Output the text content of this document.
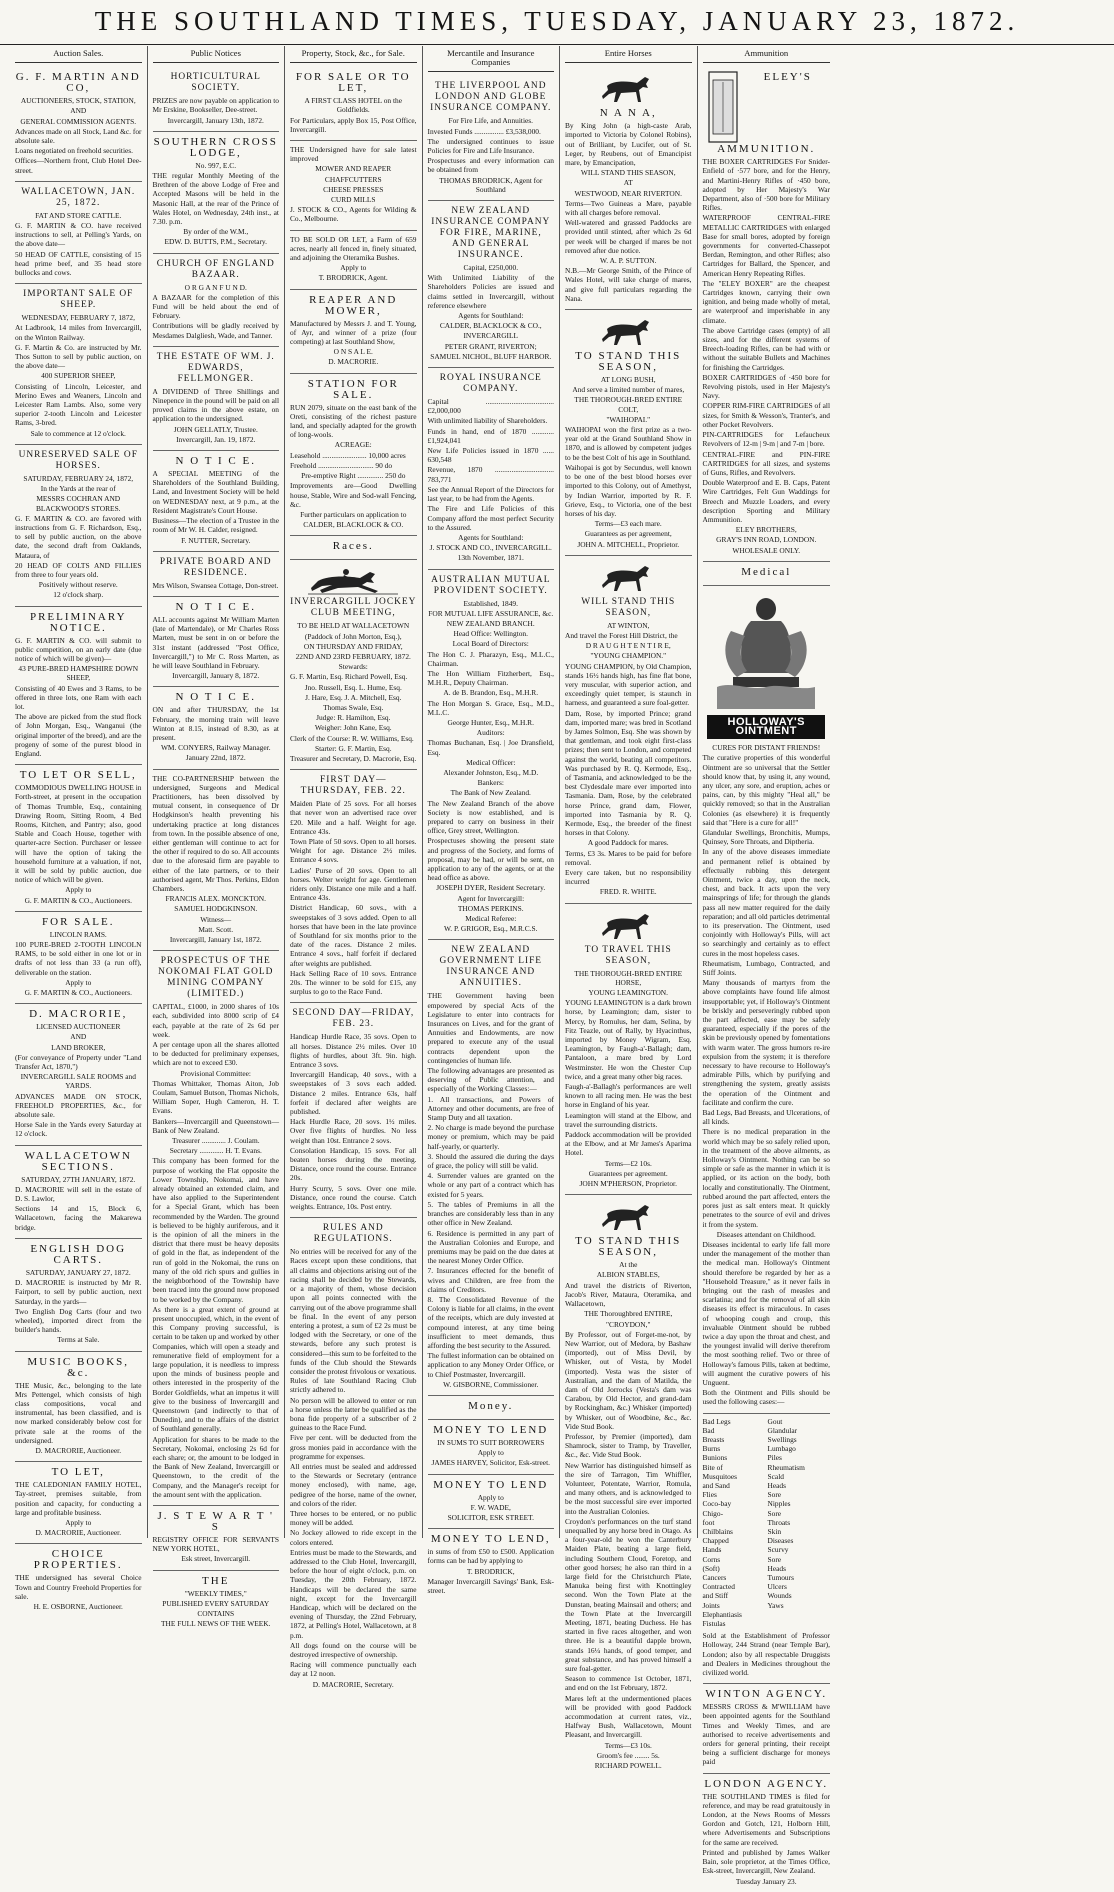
THE SOUTHLAND TIMES, TUESDAY, JANUARY 23, 1872.
Auction Sales.
G. F. MARTIN AND CO,
AUCTIONEERS, STOCK, STATION,
AND
GENERAL COMMISSION AGENTS.
Advances made on all Stock, Land &c. for absolute sale.
Loans negotiated on freehold securities.
Offices—Northern front, Club Hotel Dee-street.
WALLACETOWN, JAN. 25, 1872.
FAT AND STORE CATTLE.
G. F. MARTIN & CO. have received instructions to sell, at Pelling's Yards, on the above date—
50 HEAD OF CATTLE, consisting of 15 head prime beef, and 35 head store bullocks and cows.
IMPORTANT SALE OF SHEEP.
WEDNESDAY, FEBRUARY 7, 1872,
At Ladbrook, 14 miles from Invercargill, on the Winton Railway.
G. F. Martin & Co. are instructed by Mr. Thos Sutton to sell by public auction, on the above date—
400 SUPERIOR SHEEP,
Consisting of Lincoln, Leicester, and Merino Ewes and Weaners, Lincoln and Leicester Ram Lambs. Also, some very superior 2-tooth Lincoln and Leicester Rams, 3-bred.
Sale to commence at 12 o'clock.
UNRESERVED SALE OF HORSES.
SATURDAY, FEBRUARY 24, 1872,
In the Yards at the rear of
MESSRS COCHRAN AND BLACKWOOD'S STORES.
G. F. MARTIN & CO. are favored with instructions from G. F. Richardson, Esq., to sell by public auction, on the above date, the second draft from Oaklands, Mataura, of
20 HEAD OF COLTS AND FILLIES from three to four years old.
Positively without reserve.
12 o'clock sharp.
PRELIMINARY NOTICE.
G. F. MARTIN & CO. will submit to public competition, on an early date (due notice of which will be given)—
43 PURE-BRED HAMPSHIRE DOWN SHEEP,
Consisting of 40 Ewes and 3 Rams, to be offered in three lots, one Ram with each lot.
The above are picked from the stud flock of John Morgan, Esq., Wanganui (the original importer of the breed), and are the progeny of some of the purest blood in England.
TO LET OR SELL,
COMMODIOUS DWELLING HOUSE in Forth-street, at present in the occupation of Thomas Trumble, Esq., containing Drawing Room, Sitting Room, 4 Bed Rooms, Kitchen, and Pantry; also, good Stable and Coach House, together with quarter-acre Section. Purchaser or lessee will have the option of taking the household furniture at a valuation, if not, it will be sold by public auction, due notice of which will be given.
Apply to
G. F. MARTIN & CO., Auctioneers.
FOR SALE.
LINCOLN RAMS.
100 PURE-BRED 2-TOOTH LINCOLN RAMS, to be sold either in one lot or in drafts of not less than 33 (a run off), deliverable on the station.
Apply to
G. F. MARTIN & CO., Auctioneers.
D. MACRORIE,
LICENSED AUCTIONEER
AND
LAND BROKER,
(For conveyance of Property under "Land Transfer Act, 1870,")
INVERCARGILL SALE ROOMS and YARDS.
ADVANCES MADE ON STOCK, FREEHOLD PROPERTIES, &c., for absolute sale.
Horse Sale in the Yards every Saturday at 12 o'clock.
WALLACETOWN SECTIONS.
SATURDAY, 27TH JANUARY, 1872.
D. MACRORIE will sell in the estate of D. S. Lawlor,
Sections 14 and 15, Block 6, Wallacetown, facing the Makarewa bridge.
ENGLISH DOG CARTS.
SATURDAY, JANUARY 27, 1872.
D. MACRORIE is instructed by Mr R. Fairport, to sell by public auction, next Saturday, in the yards—
Two English Dog Carts (four and two wheeled), imported direct from the builder's hands.
Terms at Sale.
MUSIC BOOKS, &c.
THE Music, &c., belonging to the late Mrs Pettengel, which consists of high class compositions, vocal and instrumental, has been classified, and is now marked considerably below cost for private sale at the rooms of the undersigned.
D. MACRORIE, Auctioneer.
TO LET,
THE CALEDONIAN FAMILY HOTEL, Tay-street, premises suitable, from position and capacity, for conducting a large and profitable business.
Apply to
D. MACRORIE, Auctioneer.
CHOICE PROPERTIES.
THE undersigned has several Choice Town and Country Freehold Properties for sale.
H. E. OSBORNE, Auctioneer.
Public Notices
HORTICULTURAL SOCIETY.
PRIZES are now payable on application to Mr Erskine, Bookseller, Dee-street.
Invercargill, January 13th, 1872.
SOUTHERN CROSS LODGE,
No. 997, E.C.
THE regular Monthly Meeting of the Brethren of the above Lodge of Free and Accepted Masons will be held in the Masonic Hall, at the rear of the Prince of Wales Hotel, on Wednesday, 24th inst., at 7.30. p.m.
By order of the W.M.,
EDW. D. BUTTS, P.M., Secretary.
CHURCH OF ENGLAND BAZAAR.
O R G A N F U N D.
A BAZAAR for the completion of this Fund will be held about the end of February.
Contributions will be gladly received by Mesdames Dalgliesh, Wade, and Tanner.
THE ESTATE OF WM. J. EDWARDS, FELLMONGER.
A DIVIDEND of Three Shillings and Ninepence in the pound will be paid on all proved claims in the above estate, on application to the undersigned.
JOHN GELLATLY, Trustee.
Invercargill, Jan. 19, 1872.
N O T I C E.
A SPECIAL MEETING of the Shareholders of the Southland Building, Land, and Investment Society will be held on WEDNESDAY next, at 9 p.m., at the Resident Magistrate's Court House.
Business—The election of a Trustee in the room of Mr W. H. Calder, resigned.
F. NUTTER, Secretary.
PRIVATE BOARD AND RESIDENCE.
Mrs Wilson, Swansea Cottage, Don-street.
N O T I C E.
ALL accounts against Mr William Marten (late of Martendale), or Mr Charles Ross Marten, must be sent in on or before the 31st instant (addressed "Post Office, Invercargill,") to Mr C. Ross Marten, as he will leave Southland in February.
Invercargill, January 8, 1872.
N O T I C E.
ON and after THURSDAY, the 1st February, the morning train will leave Winton at 8.15, instead of 8.30, as at present.
WM. CONYERS, Railway Manager.
January 22nd, 1872.
THE CO-PARTNERSHIP between the undersigned, Surgeons and Medical Practitioners, has been dissolved by mutual consent, in consequence of Dr Hodgkinson's health preventing his undertaking practice at long distances from town. In the possible absence of one, either gentleman will continue to act for the other if required to do so. All accounts due to the aforesaid firm are payable to either of the late partners, or to their authorised agent, Mr Thos. Perkins, Eldon Chambers.
FRANCIS ALEX. MONCKTON.
SAMUEL HODGKINSON.
Witness—
Matt. Scott.
Invercargill, January 1st, 1872.
PROSPECTUS OF THE NOKOMAI FLAT GOLD MINING COMPANY (LIMITED.)
CAPITAL, £1000, in 2000 shares of 10s each, subdivided into 8000 scrip of £4 each, payable at the rate of 2s 6d per week.
A per centage upon all the shares allotted to be deducted for preliminary expenses, which are not to exceed £30.
Provisional Committee:
Thomas Whittaker, Thomas Aiton, Job Coulam, Samuel Butson, Thomas Nichols, William Soper, Hugh Cameron, H. T. Evans.
Bankers—Invercargill and Queenstown—Bank of New Zealand.
Treasurer ............. J. Coulam.
Secretary ............. H. T. Evans.
This company has been formed for the purpose of working the Flat opposite the Lower Township, Nokomai, and have already obtained an extended claim, and have also applied to the Superintendent for a Special Grant, which has been recommended by the Warden. The ground is believed to be highly auriferous, and it is the opinion of all the miners in the district that there must be heavy deposits of gold in the flat, as independent of the run of gold in the Nokomai, the runs on many of the old rich spurs and gullies in the neighborhood of the Township have been traced into the ground now proposed to be worked by the Company.
As there is a great extent of ground at present unoccupied, which, in the event of this Company proving successful, is certain to be taken up and worked by other Companies, which will open a steady and remunerative field of employment for a large population, it is needless to impress upon the minds of business people and others interested in the prosperity of the Border Goldfields, what an impetus it will give to the business of Invercargill and Queenstown (and indirectly to that of Dunedin), and to the affairs of the district of Southland generally.
Application for shares to be made to the Secretary, Nokomai, enclosing 2s 6d for each share; or, the amount to be lodged in the Bank of New Zealand, Invercargill or Queenstown, to the credit of the Company, and the Manager's receipt for the amount sent with the application.
J. S T E W A R T ' S
REGISTRY OFFICE FOR SERVANTS NEW YORK HOTEL,
Esk street, Invercargill.
THE
"WEEKLY TIMES,"
PUBLISHED EVERY SATURDAY
CONTAINS
THE FULL NEWS OF THE WEEK.
Property, Stock, &c., for Sale.
FOR SALE OR TO LET,
A FIRST CLASS HOTEL on the Goldfields.
For Particulars, apply Box 15, Post Office, Invercargill.
THE Undersigned have for sale latest improved
MOWER AND REAPER
CHAFFCUTTERS
CHEESE PRESSES
CURD MILLS
J. STOCK & CO., Agents for Wilding & Co., Melbourne.
TO BE SOLD OR LET, a Farm of 659 acres, nearly all fenced in, finely situated, and adjoining the Oteramika Bushes.
Apply to
T. BRODRICK, Agent.
REAPER AND MOWER,
Manufactured by Messrs J. and T. Young, of Ayr, and winner of a prize (four competing) at last Southland Show,
O N S A L E.
D. MACRORIE.
STATION FOR SALE.
RUN 2079, situate on the east bank of the Oreti, consisting of the richest pasture land, and specially adapted for the growth of long-wools.
ACREAGE:
Leasehold ........................ 10,000 acres
Freehold .............................. 90 do
Pre-emptive Right .............. 250 do
Improvements are—Good Dwelling house, Stable, Wire and Sod-wall Fencing, &c.
Further particulars on application to
CALDER, BLACKLOCK & CO.
Races.
INVERCARGILL JOCKEY CLUB MEETING,
TO BE HELD AT WALLACETOWN
(Paddock of John Morton, Esq.),
ON THURSDAY AND FRIDAY,
22ND AND 23RD FEBRUARY, 1872.
Stewards:
G. F. Martin, Esq. Richard Powell, Esq.
Jno. Russell, Esq. L. Hume, Esq.
J. Hare, Esq. J. A. Mitchell, Esq.
Thomas Swale, Esq.
Judge: R. Hamilton, Esq.
Weigher: John Kane, Esq.
Clerk of the Course: R. W. Williams, Esq.
Starter: G. F. Martin, Esq.
Treasurer and Secretary, D. Macrorie, Esq.
FIRST DAY—THURSDAY, FEB. 22.
Maiden Plate of 25 sovs. For all horses that never won an advertised race over £20. Mile and a half. Weight for age. Entrance 43s.
Town Plate of 50 sovs. Open to all horses. Weight for age. Distance 2½ miles. Entrance 4 sovs.
Ladies' Purse of 20 sovs. Open to all horses. Welter weight for age. Gentlemen riders only. Distance one mile and a half. Entrance 43s.
District Handicap, 60 sovs., with a sweepstakes of 3 sovs added. Open to all horses that have been in the late province of Southland for six months prior to the date of the races. Distance 2 miles. Entrance 4 sovs., half forfeit if declared after weights are published.
Hack Selling Race of 10 sovs. Entrance 20s. The winner to be sold for £15, any surplus to go to the Race Fund.
SECOND DAY—FRIDAY, FEB. 23.
Handicap Hurdle Race, 35 sovs. Open to all horses. Distance 2½ miles. Over 10 flights of hurdles, about 3ft. 9in. high. Entrance 3 sovs.
Invercargill Handicap, 40 sovs., with a sweepstakes of 3 sovs each added. Distance 2 miles. Entrance 63s, half forfeit if declared after weights are published.
Hack Hurdle Race, 20 sovs. 1½ miles. Over five flights of hurdles. No less weight than 10st. Entrance 2 sovs.
Consolation Handicap, 15 sovs. For all beaten horses during the meeting. Distance, once round the course. Entrance 20s.
Hurry Scurry, 5 sovs. Over one mile. Distance, once round the course. Catch weights. Entrance, 10s. Post entry.
RULES AND REGULATIONS.
No entries will be received for any of the Races except upon these conditions, that all claims and objections arising out of the racing shall be decided by the Stewards, or a majority of them, whose decision upon all points connected with the carrying out of the above programme shall be final. In the event of any person entering a protest, a sum of £2 2s must be lodged with the Secretary, or one of the stewards, before any such protest is considered—this sum to be forfeited to the funds of the Club should the Stewards consider the protest frivolous or vexatious. Rules of late Southland Racing Club strictly adhered to.
No person will be allowed to enter or run a horse unless the latter be qualified as the bona fide property of a subscriber of 2 guineas to the Race Fund.
Five per cent. will be deducted from the gross monies paid in accordance with the programme for expenses.
All entries must be sealed and addressed to the Stewards or Secretary (entrance money enclosed), with name, age, pedigree of the horse, name of the owner, and colors of the rider.
Three horses to be entered, or no public money will be added.
No Jockey allowed to ride except in the colors entered.
Entries must be made to the Stewards, and addressed to the Club Hotel, Invercargill, before the hour of eight o'clock, p.m. on Tuesday, the 20th February, 1872. Handicaps will be declared the same night, except for the Invercargill Handicap, which will be declared on the evening of Thursday, the 22nd February, 1872, at Pelling's Hotel, Wallacetown, at 8 p.m.
All dogs found on the course will be destroyed irrespective of ownership.
Racing will commence punctually each day at 12 noon.
D. MACRORIE, Secretary.
Mercantile and Insurance Companies
THE LIVERPOOL AND LONDON AND GLOBE INSURANCE COMPANY.
For Fire Life, and Annuities.
Invested Funds ................ £3,538,000.
The undersigned continues to issue Policies for Fire and Life Insurance.
Prospectuses and every information can be obtained from
THOMAS BRODRICK, Agent for Southland
NEW ZEALAND INSURANCE COMPANY FOR FIRE, MARINE, AND GENERAL INSURANCE.
Capital, £250,000.
With Unlimited Liability of the Shareholders Policies are issued and claims settled in Invercargill, without reference elsewhere
Agents for Southland:
CALDER, BLACKLOCK & CO.,
INVERCARGILL
PETER GRANT, RIVERTON;
SAMUEL NICHOL, BLUFF HARBOR.
ROYAL INSURANCE COMPANY.
Capital ..................................... £2,000,000
With unlimited liability of Shareholders.
Funds in hand, end of 1870 ............ £1,924,041
New Life Policies issued in 1870 ...... 630,548
Revenue, 1870 ................................ 783,771
See the Annual Report of the Directors for last year, to be had from the Agents.
The Fire and Life Policies of this Company afford the most perfect Security to the Assured.
Agents for Southland:
J. STOCK AND CO., INVERCARGILL.
13th November, 1871.
AUSTRALIAN MUTUAL PROVIDENT SOCIETY.
Established, 1849.
FOR MUTUAL LIFE ASSURANCE, &c.
NEW ZEALAND BRANCH.
Head Office: Wellington.
Local Board of Directors:
The Hon C. J. Pharazyn, Esq., M.L.C., Chairman.
The Hon William Fitzherbert, Esq., M.H.R., Deputy Chairman.
A. de B. Brandon, Esq., M.H.R.
The Hon Morgan S. Grace, Esq., M.D., M.L.C.
George Hunter, Esq., M.H.R.
Auditors:
Thomas Buchanan, Esq. | Joe Dransfield, Esq.
Medical Officer:
Alexander Johnston, Esq., M.D.
Bankers:
The Bank of New Zealand.
The New Zealand Branch of the above Society is now established, and is prepared to carry on business in their office, Grey street, Wellington.
Prospectuses showing the present state and progress of the Society, and forms of proposal, may be had, or will be sent, on application to any of the agents, or at the head office as above.
JOSEPH DYER, Resident Secretary.
Agent for Invercargill:
THOMAS PERKINS.
Medical Referee:
W. P. GRIGOR, Esq., M.R.C.S.
NEW ZEALAND GOVERNMENT LIFE INSURANCE AND ANNUITIES.
THE Government having been empowered by special Acts of the Legislature to enter into contracts for Insurances on Lives, and for the grant of Annuities and Endowments, are now prepared to execute any of the usual contracts dependent upon the contingencies of human life.
The following advantages are presented as deserving of Public attention, and especially of the Working Classes:—
1. All transactions, and Powers of Attorney and other documents, are free of Stamp Duty and all taxation.
2. No charge is made beyond the purchase money or premium, which may be paid half-yearly, or quarterly.
3. Should the assured die during the days of grace, the policy will still be valid.
4. Surrender values are granted on the whole or any part of a contract which has existed for 5 years.
5. The tables of Premiums in all the branches are considerably less than in any other office in New Zealand.
6. Residence is permitted in any part of the Australian Colonies and Europe, and premiums may be paid on the due dates at the nearest Money Order Office.
7. Insurances effected for the benefit of wives and Children, are free from the claims of Creditors.
8. The Consolidated Revenue of the Colony is liable for all claims, in the event of the receipts, which are duly invested at compound interest, at any time being insufficient to meet demands, thus affording the best security to the Assured.
The fullest information can be obtained on application to any Money Order Office, or to Chief Postmaster, Invercargill.
W. GISBORNE, Commissioner.
Money.
MONEY TO LEND
IN SUMS TO SUIT BORROWERS
Apply to
JAMES HARVEY, Solicitor, Esk-street.
MONEY TO LEND
Apply to
F. W. WADE,
SOLICITOR, ESK STREET.
MONEY TO LEND,
in sums of from £50 to £500. Application forms can be had by applying to
T. BRODRICK,
Manager Invercargill Savings' Bank, Esk-street.
Entire Horses
N A N A,
By King John (a high-caste Arab, imported to Victoria by Colonel Robins), out of Brilliant, by Lucifer, out of St. Leger, by Reubens, out of Emancipist mare, by Emancipation,
WILL STAND THIS SEASON,
AT
WESTWOOD, NEAR RIVERTON.
Terms—Two Guineas a Mare, payable with all charges before removal.
Well-watered and grassed Paddocks are provided until stinted, after which 2s 6d per week will be charged if mares be not removed after due notice.
W. A. P. SUTTON.
N.B.—Mr George Smith, of the Prince of Wales Hotel, will take charge of mares, and give full particulars regarding the Nana.
TO STAND THIS SEASON,
AT LONG BUSH,
And serve a limited number of mares,
THE THOROUGH-BRED ENTIRE COLT,
"WAIHOPAI."
WAIHOPAI won the first prize as a two-year old at the Grand Southland Show in 1870, and is allowed by competent judges to be the best Colt of his age in Southland.
Waihopai is got by Secundus, well known to be one of the best blood horses ever imported to this Colony, out of Amethyst, by Indian Warrior, imported by R. F. Grieve, Esq., to Victoria, one of the best horses of his day.
Terms—£3 each mare.
Guarantees as per agreement,
JOHN A. MITCHELL, Proprietor.
WILL STAND THIS SEASON,
AT WINTON,
And travel the Forest Hill District, the
D R A U G H T E N T I R E,
"YOUNG CHAMPION."
YOUNG CHAMPION, by Old Champion, stands 16½ hands high, has fine flat bone, very muscular, with superior action, and exceedingly quiet temper, is staunch in harness, and guaranteed a sure foal-getter.
Dam, Rose, by imported Prince; grand dam, imported mare; was bred in Scotland by James Solmon, Esq. She was shown by that gentleman, and took eight first-class prizes; then sent to London, and competed against the world, beating all competitors. Was purchased by R. Q. Kermode, Esq., of Tasmania, and acknowledged to be the best Clydesdale mare ever imported into Tasmania. Dam, Rose, by the celebrated horse Prince, grand dam, Flower, imported into Tasmania by R. Q. Kermode, Esq., the breeder of the finest horses in that Colony.
A good Paddock for mares.
Terms, £3 3s. Mares to be paid for before removal.
Every care taken, but no responsibility incurred
FRED. R. WHITE.
TO TRAVEL THIS SEASON,
THE THOROUGH-BRED ENTIRE HORSE,
YOUNG LEAMINGTON.
YOUNG LEAMINGTON is a dark brown horse, by Leamington; dam, sister to Mercy, by Romulus, her dam, Selina, by Fitz Teazle, out of Rally, by Hyacinthus, imported by Money Wigram, Esq. Leamington, by Faugh-a'-Ballagh; dam, Pantaloon, a mare bred by Lord Westminster. He won the Chester Cup twice, and a great many other big races.
Faugh-a'-Ballagh's performances are well known to all racing men. He was the best horse in England of his year.
Leamington will stand at the Elbow, and travel the surrounding districts.
Paddock accommodation will be provided at the Elbow, and at Mr James's Aparima Hotel.
Terms—£2 10s.
Guarantees per agreement.
JOHN M'PHERSON, Proprietor.
TO STAND THIS SEASON,
At the
ALBION STABLES,
And travel the districts of Riverton, Jacob's River, Mataura, Oteramika, and Wallacetown,
THE Thoroughbred ENTIRE,
"CROYDON,"
By Professor, out of Forget-me-not, by New Warrior, out of Medora, by Bashaw (imported), out of Miss Devil, by Whisker, out of Vesta, by Model (imported). Vesta was the sister of Australian, and the dam of Matilda, the dam of Old Jorrocks (Vesta's dam was Carabou, by Old Hector, and grand-dam by Rockingham, &c.) Whisker (imported) by Whisker, out of Woodbine, &c., &c. Vide Stud Book.
Professor, by Premier (imported), dam Shamrock, sister to Tramp, by Traveller, &c., &c. Vide Stud Book.
New Warrior has distinguished himself as the sire of Tarragon, Tim Whiffler, Volunteer, Potentate, Warrior, Romula, and many others, and is acknowledged to be the most successful sire ever imported into the Australian Colonies.
Croydon's performances on the turf stand unequalled by any horse bred in Otago. As a four-year-old he won the Canterbury Maiden Plate, beating a large field, including Southern Cloud, Foretop, and other good horses; he also ran third in a large field for the Christchurch Plate, Manuka being first with Knottingley second. Won the Town Plate at the Dunstan, beating Mainsail and others; and the Town Plate at the Invercargill Meeting, 1871, beating Duchess. He has started in five races altogether, and won three. He is a beautiful dapple brown, stands 16¼ hands, of good temper, and great substance, and has proved himself a sure foal-getter.
Season to commence 1st October, 1871, and end on the 1st February, 1872.
Mares left at the undermentioned places will be provided with good Paddock accommodation at current rates, viz., Halfway Bush, Wallacetown, Mount Pleasant, and Invercargill.
Terms—£3 10s.
Groom's fee ........ 5s.
RICHARD POWELL.
Ammunition
ELEY'S AMMUNITION.
THE BOXER CARTRIDGES For Snider-Enfield of ·577 bore, and for the Henry, and Martini-Henry Rifles of ·450 bore, adopted by Her Majesty's War Department, also of ·500 bore for Military Rifles.
WATERPROOF CENTRAL-FIRE METALLIC CARTRIDGES with enlarged Base for small bores, adopted by foreign governments for converted-Chassepot Berdan, Remington, and other Rifles; also Cartridges for Ballard, the Spencer, and American Henry Repeating Rifles.
The "ELEY BOXER" are the cheapest Cartridges known, carrying their own ignition, and being made wholly of metal, are waterproof and imperishable in any climate.
The above Cartridge cases (empty) of all sizes, and for the different systems of Breech-loading Rifles, can be had with or without the suitable Bullets and Machines for finishing the Cartridges.
BOXER CARTRIDGES of ·450 bore for Revolving pistols, used in Her Majesty's Navy.
COPPER RIM-FIRE CARTRIDGES of all sizes, for Smith & Wesson's, Tranter's, and other Pocket Revolvers.
PIN-CARTRIDGES for Lefaucheux Revolvers of 12-m | 9-m | and 7-m | bore.
CENTRAL-FIRE and PIN-FIRE CARTRIDGES for all sizes, and systems of Guns, Rifles, and Revolvers.
Double Waterproof and E. B. Caps, Patent Wire Cartridges, Felt Gun Waddings for Breech and Muzzle Loaders, and every description Sporting and Military Ammunition.
ELEY BROTHERS,
GRAY'S INN ROAD, LONDON.
WHOLESALE ONLY.
Medical
HOLLOWAY'S OINTMENT
CURES FOR DISTANT FRIENDS!
The curative properties of this wonderful Ointment are so universal that the Settler should know that, by using it, any wound, any ulcer, any sore, and eruption, aches or pains, can, by this mighty "Heal all," be quickly removed; so that in the Australian Colonies (as elsewhere) it is frequently said that "Here is a cure for all!"
Glandular Swellings, Bronchitis, Mumps, Quinsey, Sore Throats, and Diptheria.
In any of the above diseases immediate and permanent relief is obtained by effectually rubbing this detergent Ointment, twice a day, upon the neck, chest, and back. It acts upon the very mainsprings of life; for through the glands pass all new matter required for the daily reparation; and all old particles detrimental to its preservation. The Ointment, used conjointly with Holloway's Pills, will act so searchingly and certainly as to effect cures in the most hopeless cases.
Rheumatism, Lumbago, Contracted, and Stiff Joints.
Many thousands of martyrs from the above complaints have found life almost insupportable; yet, if Holloway's Ointment be briskly and perseveringly rubbed upon the part affected, ease may be safely guaranteed, especially if the pores of the skin be previously opened by fomentations with warm water. The gross humors re-ire expulsion from the system; it is therefore necessary to have recourse to Holloway's admirable Pills, which by purifying and strengthening the system, greatly assists the operation of the Ointment and facilitate and confirm the cure.
Bad Legs, Bad Breasts, and Ulcerations, of all kinds.
There is no medical preparation in the world which may be so safely relied upon, in the treatment of the above ailments, as Holloway's Ointment. Nothing can be so simple or safe as the manner in which it is applied, or its action on the body, both locally and constitutionally. The Ointment, rubbed around the part affected, enters the pores just as salt enters meat. It quickly penetrates to the source of evil and drives it from the system.
Diseases attendant on Childhood.
Diseases incidental to early life fall more under the management of the mother than the medical man. Holloway's Ointment should therefore be regarded by her as a "Household Treasure," as it never fails in bringing out the rash of measles and scarlatina; and for the removal of all skin diseases its effect is miraculous. In cases of whooping cough and croup, this invaluable Ointment should be rubbed twice a day upon the throat and chest, and the youngest invalid will derive therefrom the most soothing relief. Two or three of Holloway's famous Pills, taken at bedtime, will augment the curative powers of his Unguent.
Both the Ointment and Pills should be used the following cases:—
Bad Legs
Bad Breasts
Burns
Bunions
Bite of Musquitoes and Sand Flies
Coco-bay
Chigo-foot
Chilblains
Chapped Hands
Corns (Soft)
Cancers
Contracted and Stiff Joints
Elephantiasis
Fistulas
Gout
Glandular Swellings
Lumbago
Piles
Rheumatism
Scald Heads
Sore Nipples
Sore Throats
Skin Diseases
Scurvy
Sore Heads
Tumours
Ulcers
Wounds
Yaws
Sold at the Establishment of Professor Holloway, 244 Strand (near Temple Bar), London; also by all respectable Druggists and Dealers in Medicines throughout the civilized world.
WINTON AGENCY.
MESSRS CROSS & M'WILLIAM have been appointed agents for the Southland Times and Weekly Times, and are authorised to receive advertisements and orders for general printing, their receipt being a sufficient discharge for moneys paid
LONDON AGENCY.
THE SOUTHLAND TIMES is filed for reference, and may be read gratuitously in London, at the News Rooms of Messrs Gordon and Gotch, 121, Holborn Hill, where Advertisements and Subscriptions for the same are received.
Printed and published by James Walker Bain, sole proprietor, at the Times Office, Esk-street, Invercargill, New Zealand.
Tuesday January 23.
